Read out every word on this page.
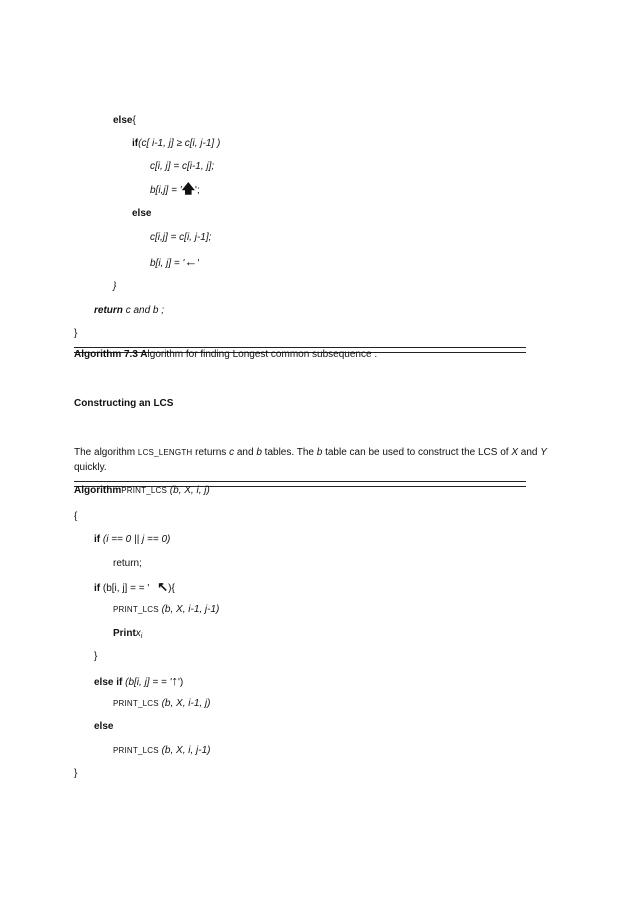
else{
if(c[ i-1, j] ≥ c[i, j-1] )
c[i, j] = c[i-1, j];
b[i,j] = '🡅';
else
c[i,j] = c[i, j-1];
b[i, j] = '←'
}
return c and b ;
}
Algorithm 7.3 Algorithm for finding Longest common subsequence .
Constructing an LCS
The algorithm LCS_LENGTH returns c and b tables. The b table can be used to construct the LCS of X and Y quickly.
AlgorithmPRINT_LCS (b, X, i, j)
{
if (i == 0 || j == 0)
return;
if (b[i, j] = = ' ↖){
PRINT_LCS (b, X, i-1, j-1)
Printx$_i$
}
else if (b[i, j] = = '↑')
PRINT_LCS (b, X, i-1, j)
else
PRINT_LCS (b, X, i, j-1)
}
